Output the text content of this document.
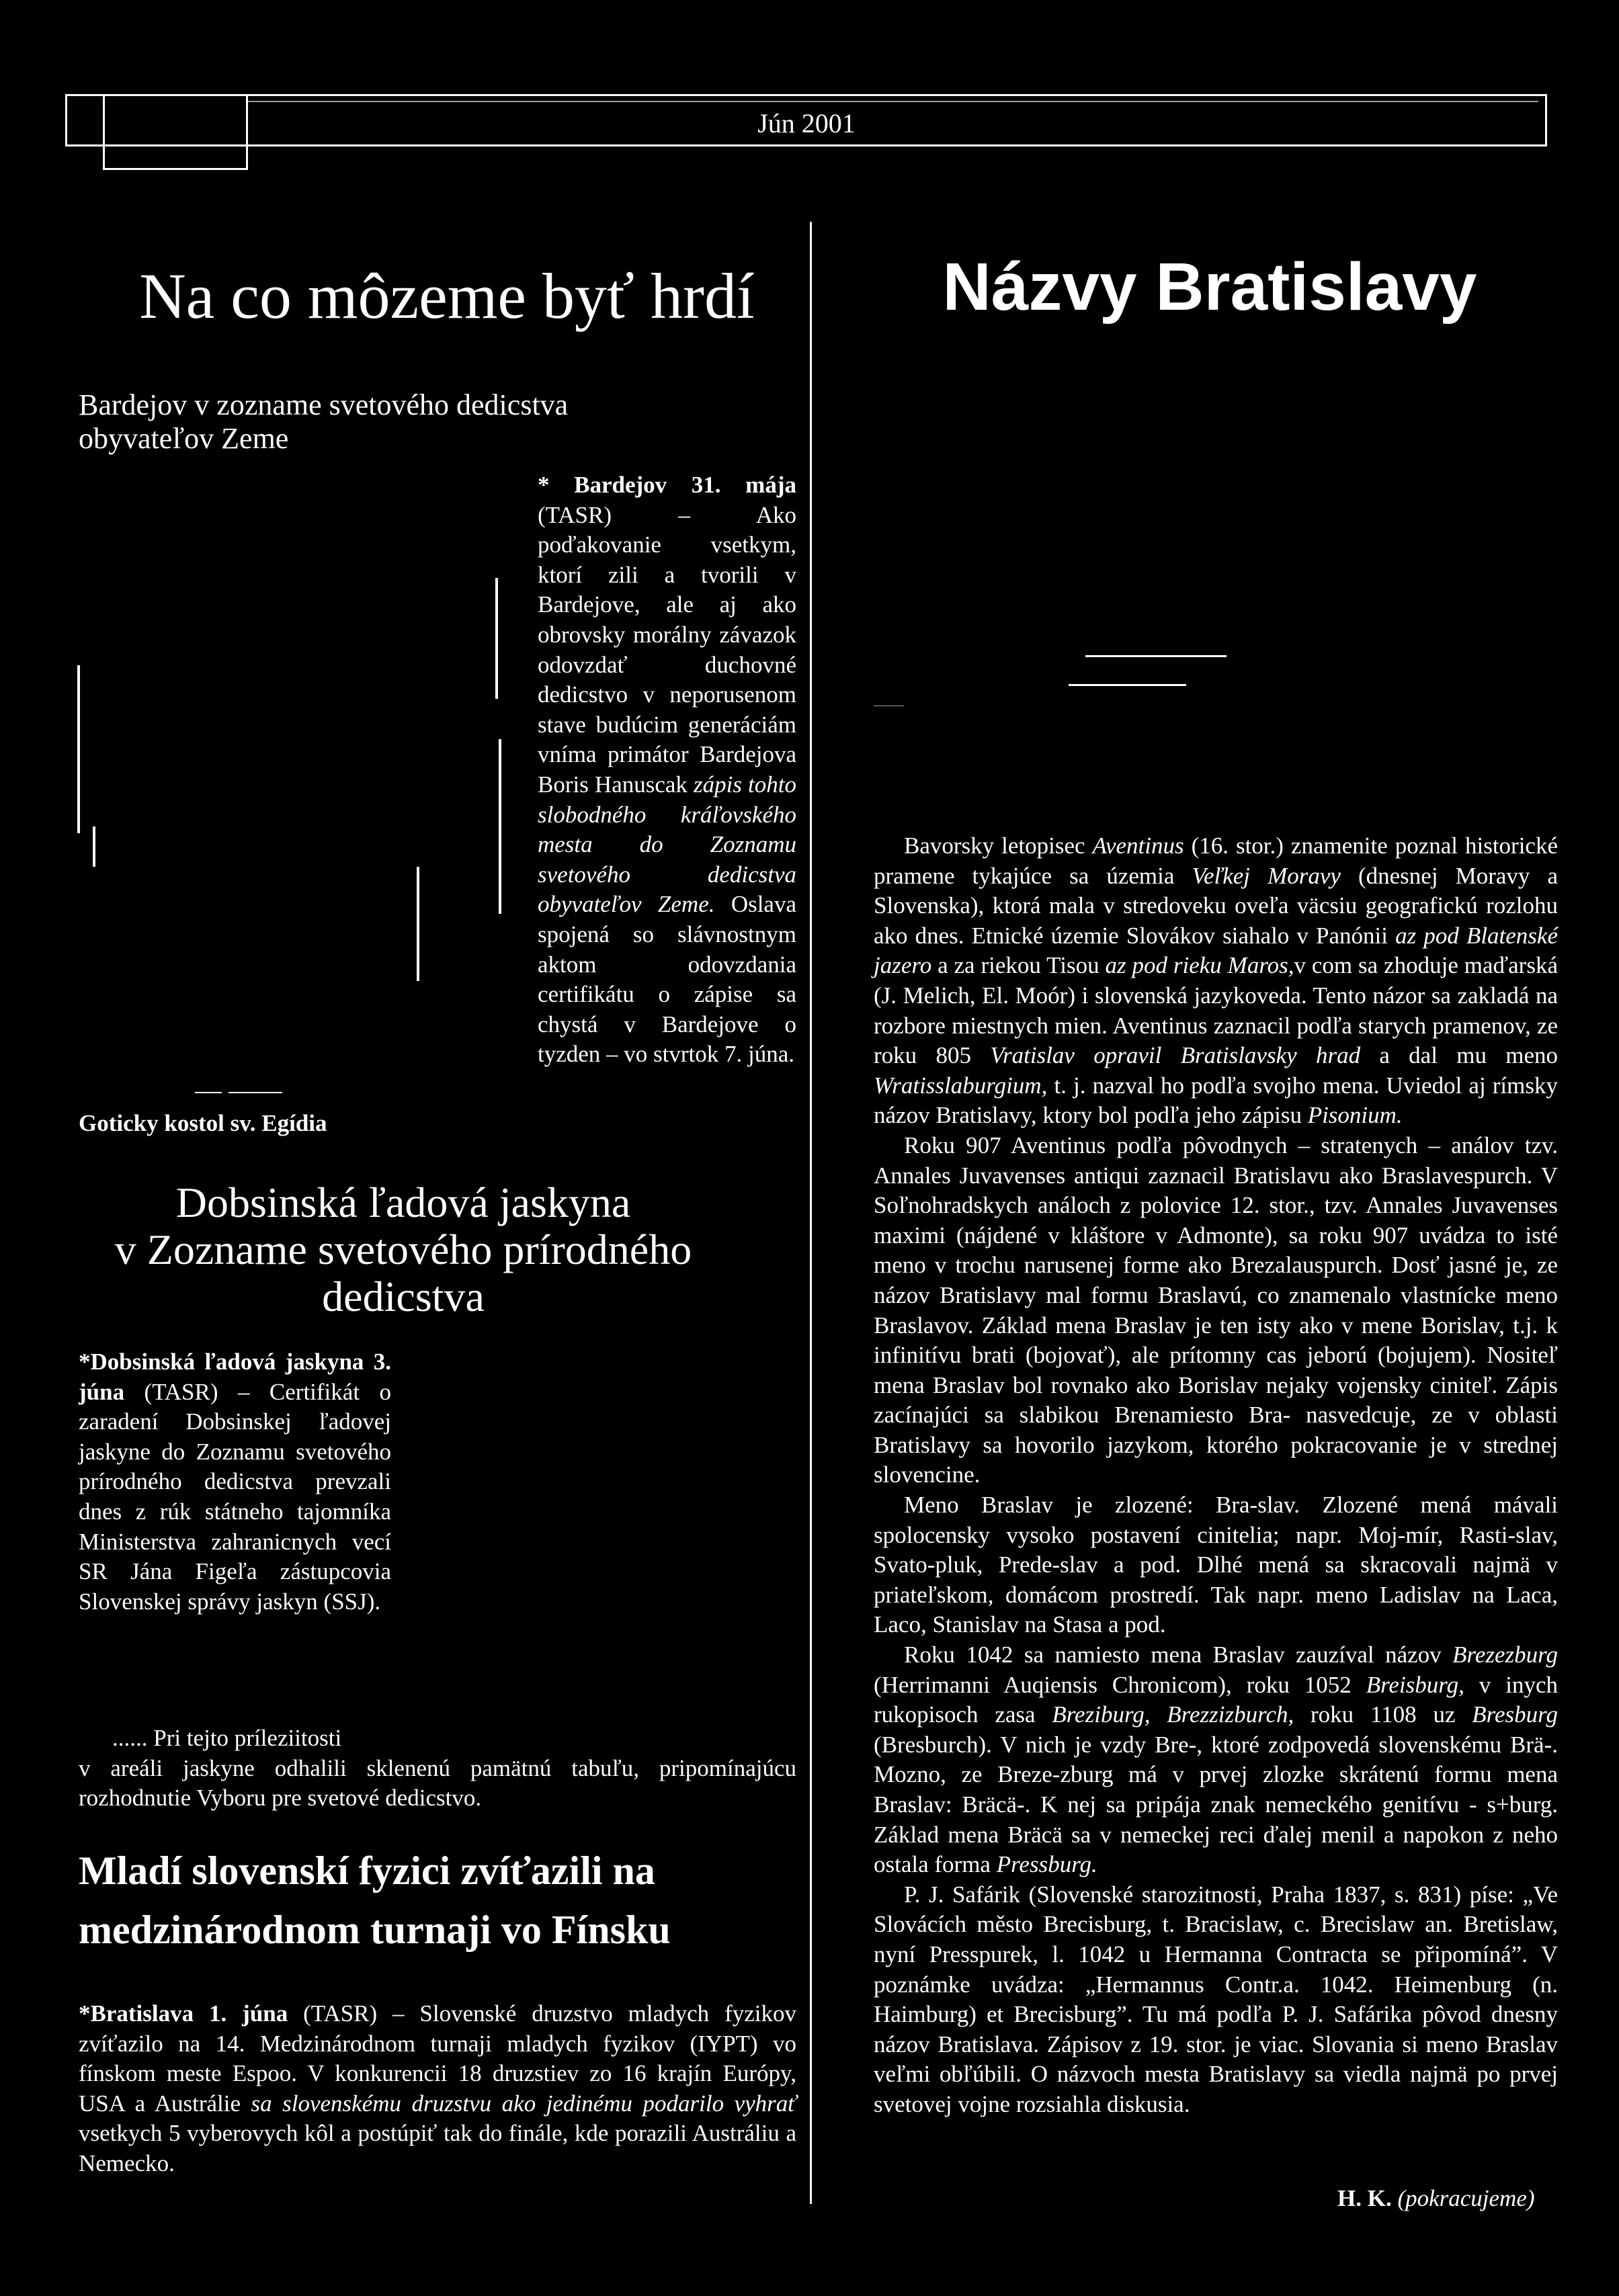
Jún 2001
Na co môzeme byť hrdí
Bardejov v zozname svetového dedicstva obyvateľov Zeme
Goticky kostol sv. Egídia

* Bardejov 31. mája (TASR) – Ako poďakovanie vsetkym, ktorí zili a tvorili v Bardejove, ale aj ako obrovsky morálny závazok odovzdať duchovné dedicstvo v neporusenom stave budúcim generáciám vníma primátor Bardejova Boris Hanuscak zápis tohto slobodného kráľovského mesta do Zoznamu svetového dedicstva obyvateľov Zeme. Oslava spojená so slávnostnym aktom odovzdania certifikátu o zápise sa chystá v Bardejove o tyzden – vo stvrtok 7. júna.

Dobsinská ľadová jaskyna
v Zozname svetového prírodného
dedicstva

*Dobsinská ľadová jaskyna 3. júna (TASR) – Certifikát o zaradení Dobsinskej ľadovej jaskyne do Zoznamu svetového prírodného dedicstva prevzali dnes z rúk státneho tajomníka Ministerstva zahranicnych vecí SR Jána Figeľa zástupcovia Slovenskej správy jaskyn (SSJ).

...... Pri tejto príleziitosti

v areáli jaskyne odhalili sklenenú pamätnú tabuľu, pripomínajúcu rozhodnutie Vyboru pre svetové dedicstvo.

Mladí slovenskí fyzici zvíťazili na
medzinárodnom turnaji vo Fínsku

*Bratislava 1. júna (TASR) – Slovenské druzstvo mladych fyzikov zvíťazilo na 14. Medzinárodnom turnaji mladych fyzikov (IYPT) vo fínskom meste Espoo. V konkurencii 18 druzstiev zo 16 krajín Európy, USA a Austrálie sa slovenskému druzstvu ako jedinému podarilo vyhrať vsetkych 5 vyberovych kôl a postúpiť tak do finále, kde porazili Austráliu a Nemecko.

Názvy Bratislavy

Bavorsky letopisec Aventinus (16. stor.) znamenite poznal historické pramene tykajúce sa územia Veľkej Moravy (dnesnej Moravy a Slovenska), ktorá mala v stredoveku oveľa väcsiu geografickú rozlohu ako dnes. Etnické územie Slovákov siahalo v Panónii az pod Blatenské jazero a za riekou Tisou az pod rieku Maros,v com sa zhoduje maďarská (J. Melich, El. Moór) i slovenská jazykoveda. Tento názor sa zakladá na rozbore miestnych mien. Aventinus zaznacil podľa starych pramenov, ze roku 805 Vratislav opravil Bratislavsky hrad a dal mu meno Wratisslaburgium, t. j. nazval ho podľa svojho mena. Uviedol aj rímsky názov Bratislavy, ktory bol podľa jeho zápisu Pisonium.

Roku 907 Aventinus podľa pôvodnych – stratenych – análov tzv. Annales Juvavenses antiqui zaznacil Bratislavu ako Braslavespurch. V Soľnohradskych análoch z polovice 12. stor., tzv. Annales Juvavenses maximi (nájdené v kláštore v Admonte), sa roku 907 uvádza to isté meno v trochu narusenej forme ako Brezalauspurch. Dosť jasné je, ze názov Bratislavy mal formu Braslavú, co znamenalo vlastnícke meno Braslavov. Základ mena Braslav je ten isty ako v mene Borislav, t.j. k infinitívu brati (bojovať), ale prítomny cas jeború (bojujem). Nositeľ mena Braslav bol rovnako ako Borislav nejaky vojensky ciniteľ. Zápis zacínajúci sa slabikou Brenamiesto Bra- nasvedcuje, ze v oblasti Bratislavy sa hovorilo jazykom, ktorého pokracovanie je v strednej slovencine.

Meno Braslav je zlozené: Bra-slav. Zlozené mená mávali spolocensky vysoko postavení cinitelia; napr. Moj-mír, Rasti-slav, Svato-pluk, Prede-slav a pod. Dlhé mená sa skracovali najmä v priateľskom, domácom prostredí. Tak napr. meno Ladislav na Laca, Laco, Stanislav na Stasa a pod.

Roku 1042 sa namiesto mena Braslav zauzíval názov Brezezburg (Herrimanni Auqiensis Chronicom), roku 1052 Breisburg, v inych rukopisoch zasa Breziburg, Brezzizburch, roku 1108 uz Bresburg (Bresburch). V nich je vzdy Bre-, ktoré zodpovedá slovenskému Brä-. Mozno, ze Breze-zburg má v prvej zlozke skrátenú formu mena Braslav: Bräcä-. K nej sa pripája znak nemeckého genitívu - s+burg. Základ mena Bräcä sa v nemeckej reci ďalej menil a napokon z neho ostala forma Pressburg.

P. J. Safárik (Slovenské starozitnosti, Praha 1837, s. 831) píse: „Ve Slovácích město Brecisburg, t. Bracislaw, c. Brecislaw an. Bretislaw, nyní Presspurek, l. 1042 u Hermanna Contracta se připomíná”. V poznámke uvádza: „Hermannus Contr.a. 1042. Heimenburg (n. Haimburg) et Brecisburg”. Tu má podľa P. J. Safárika pôvod dnesny názov Bratislava. Zápisov z 19. stor. je viac. Slovania si meno Braslav veľmi obľúbili. O názvoch mesta Bratislavy sa viedla najmä po prvej svetovej vojne rozsiahla diskusia.

H. K. (pokracujeme)
